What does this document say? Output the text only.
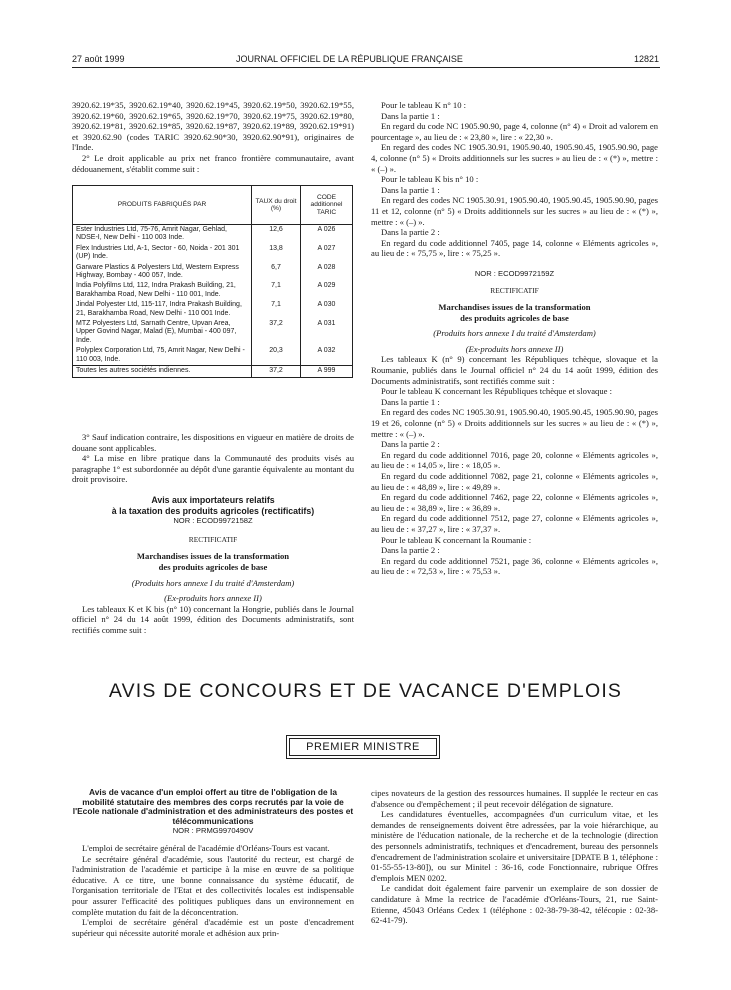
27 août 1999	JOURNAL OFFICIEL DE LA RÉPUBLIQUE FRANÇAISE	12821

3920.62.19*35, 3920.62.19*40, 3920.62.19*45, 3920.62.19*50, 3920.62.19*55, 3920.62.19*60, 3920.62.19*65, 3920.62.19*70, 3920.62.19*75, 3920.62.19*80, 3920.62.19*81, 3920.62.19*85, 3920.62.19*87, 3920.62.19*89, 3920.62.19*91) et 3920.62.90 (codes TARIC 3920.62.90*30, 3920.62.90*91), originaires de l'Inde.

2° Le droit applicable au prix net franco frontière communautaire, avant dédouanement, s'établit comme suit :

PRODUITS FABRIQUÉS PAR	TAUX du droit (%)	CODE additionnel TARIC
Ester Industries Ltd, 75-76, Amrit Nagar, Gehlad, NDSE-I, New Delhi - 110 003 Inde.	12,6	A 026
Flex Industries Ltd, A-1, Sector - 60, Noida - 201 301 (UP) Inde.	13,8	A 027
Garware Plastics & Polyesters Ltd, Western Express Highway, Bombay - 400 057, Inde.	6,7	A 028
India Polyfilms Ltd, 112, Indra Prakash Building, 21, Barakhamba Road, New Delhi - 110 001, Inde.	7,1	A 029
Jindal Polyester Ltd, 115-117, Indra Prakash Building, 21, Barakhamba Road, New Delhi - 110 001 Inde.	7,1	A 030
MTZ Polyesters Ltd, Sarnath Centre, Upvan Area, Upper Govind Nagar, Malad (E), Mumbai - 400 097, Inde.	37,2	A 031
Polyplex Corporation Ltd, 75, Amrit Nagar, New Delhi - 110 003, Inde.	20,3	A 032
Toutes les autres sociétés indiennes.	37,2	A 999

3° Sauf indication contraire, les dispositions en vigueur en matière de droits de douane sont applicables.

4° La mise en libre pratique dans la Communauté des produits visés au paragraphe 1° est subordonnée au dépôt d'une garantie équivalente au montant du droit provisoire.

Avis aux importateurs relatifs

à la taxation des produits agricoles (rectificatifs)

NOR : ECOD9972158Z

RECTIFICATIF

Marchandises issues de la transformation

des produits agricoles de base

(Produits hors annexe I du traité d'Amsterdam)

(Ex-produits hors annexe II)

Les tableaux K et K bis (n° 10) concernant la Hongrie, publiés dans le Journal officiel n° 24 du 14 août 1999, édition des Documents administratifs, sont rectifiés comme suit :

Pour le tableau K n° 10 :

Dans la partie 1 :

En regard du code NC 1905.90.90, page 4, colonne (n° 4) « Droit ad valorem en pourcentage », au lieu de : « 23,80 », lire : « 22,30 ».

En regard des codes NC 1905.30.91, 1905.90.40, 1905.90.45, 1905.90.90, page 4, colonne (n° 5) « Droits additionnels sur les sucres » au lieu de : « (*) », mettre : « (–) ».

Pour le tableau K bis n° 10 :

Dans la partie 1 :

En regard des codes NC 1905.30.91, 1905.90.40, 1905.90.45, 1905.90.90, pages 11 et 12, colonne (n° 5) « Droits additionnels sur les sucres » au lieu de : « (*) », mettre : « (–) ».

Dans la partie 2 :

En regard du code additionnel 7405, page 14, colonne « Eléments agricoles », au lieu de : « 75,75 », lire : « 75,25 ».

NOR : ECOD9972159Z

RECTIFICATIF

Marchandises issues de la transformation

des produits agricoles de base

(Produits hors annexe I du traité d'Amsterdam)

(Ex-produits hors annexe II)

Les tableaux K (n° 9) concernant les Républiques tchèque, slovaque et la Roumanie, publiés dans le Journal officiel n° 24 du 14 août 1999, édition des Documents administratifs, sont rectifiés comme suit :

Pour le tableau K concernant les Républiques tchèque et slovaque :

Dans la partie 1 :

En regard des codes NC 1905.30.91, 1905.90.40, 1905.90.45, 1905.90.90, pages 19 et 26, colonne (n° 5) « Droits additionnels sur les sucres » au lieu de : « (*) », mettre : « (–) ».

Dans la partie 2 :

En regard du code additionnel 7016, page 20, colonne « Eléments agricoles », au lieu de : « 14,05 », lire : « 18,05 ».

En regard du code additionnel 7082, page 21, colonne « Eléments agricoles », au lieu de : « 48,89 », lire : « 49,89 ».

En regard du code additionnel 7462, page 22, colonne « Eléments agricoles », au lieu de : « 38,89 », lire : « 36,89 ».

En regard du code additionnel 7512, page 27, colonne « Eléments agricoles », au lieu de : « 37,27 », lire : « 37,37 ».

Pour le tableau K concernant la Roumanie :

Dans la partie 2 :

En regard du code additionnel 7521, page 36, colonne « Eléments agricoles », au lieu de : « 72,53 », lire : « 75,53 ».

AVIS DE CONCOURS ET DE VACANCE D'EMPLOIS
PREMIER MINISTRE

Avis de vacance d'un emploi offert au titre de l'obligation de la mobilité statutaire des membres des corps recrutés par la voie de l'Ecole nationale d'administration et des administrateurs des postes et télécommunications

NOR : PRMG9970490V

L'emploi de secrétaire général de l'académie d'Orléans-Tours est vacant.

Le secrétaire général d'académie, sous l'autorité du recteur, est chargé de l'administration de l'académie et participe à la mise en œuvre de sa politique éducative. A ce titre, une bonne connaissance du système éducatif, de l'organisation territoriale de l'Etat et des collectivités locales est indispensable pour assurer l'efficacité des politiques publiques dans un environnement en complète mutation du fait de la déconcentration.

L'emploi de secrétaire général d'académie est un poste d'encadrement supérieur qui nécessite autorité morale et adhésion aux prin-

cipes novateurs de la gestion des ressources humaines. Il supplée le recteur en cas d'absence ou d'empêchement ; il peut recevoir délégation de signature.

Les candidatures éventuelles, accompagnées d'un curriculum vitae, et les demandes de renseignements doivent être adressées, par la voie hiérarchique, au ministère de l'éducation nationale, de la recherche et de la technologie (direction des personnels administratifs, techniques et d'encadrement, bureau des personnels d'encadrement de l'administration scolaire et universitaire [DPATE B 1, téléphone : 01-55-55-13-80]), ou sur Minitel : 36-16, code Fonctionnaire, rubrique Offres d'emplois MEN 0202.

Le candidat doit également faire parvenir un exemplaire de son dossier de candidature à Mme la rectrice de l'académie d'Orléans-Tours, 21, rue Saint-Etienne, 45043 Orléans Cedex 1 (téléphone : 02-38-79-38-42, télécopie : 02-38-62-41-79).
